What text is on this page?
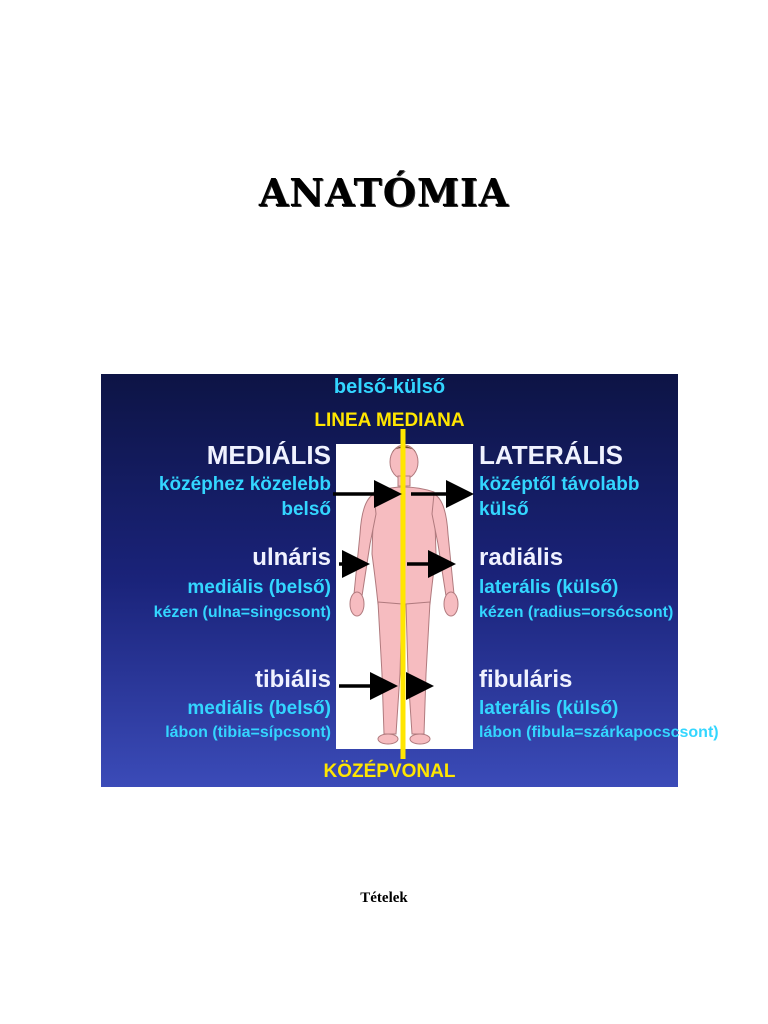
ANATÓMIA
belső-külső
LINEA MEDIANA
MEDIÁLIS
középhez közelebb
belső
LATERÁLIS
középtől távolabb
külső
ulnáris
mediális (belső)
kézen (ulna=singcsont)
radiális
laterális (külső)
kézen (radius=orsócsont)
tibiális
mediális (belső)
lábon (tibia=sípcsont)
fibuláris
laterális (külső)
lábon (fibula=szárkapocscsont)
KÖZÉPVONAL
Tételek
